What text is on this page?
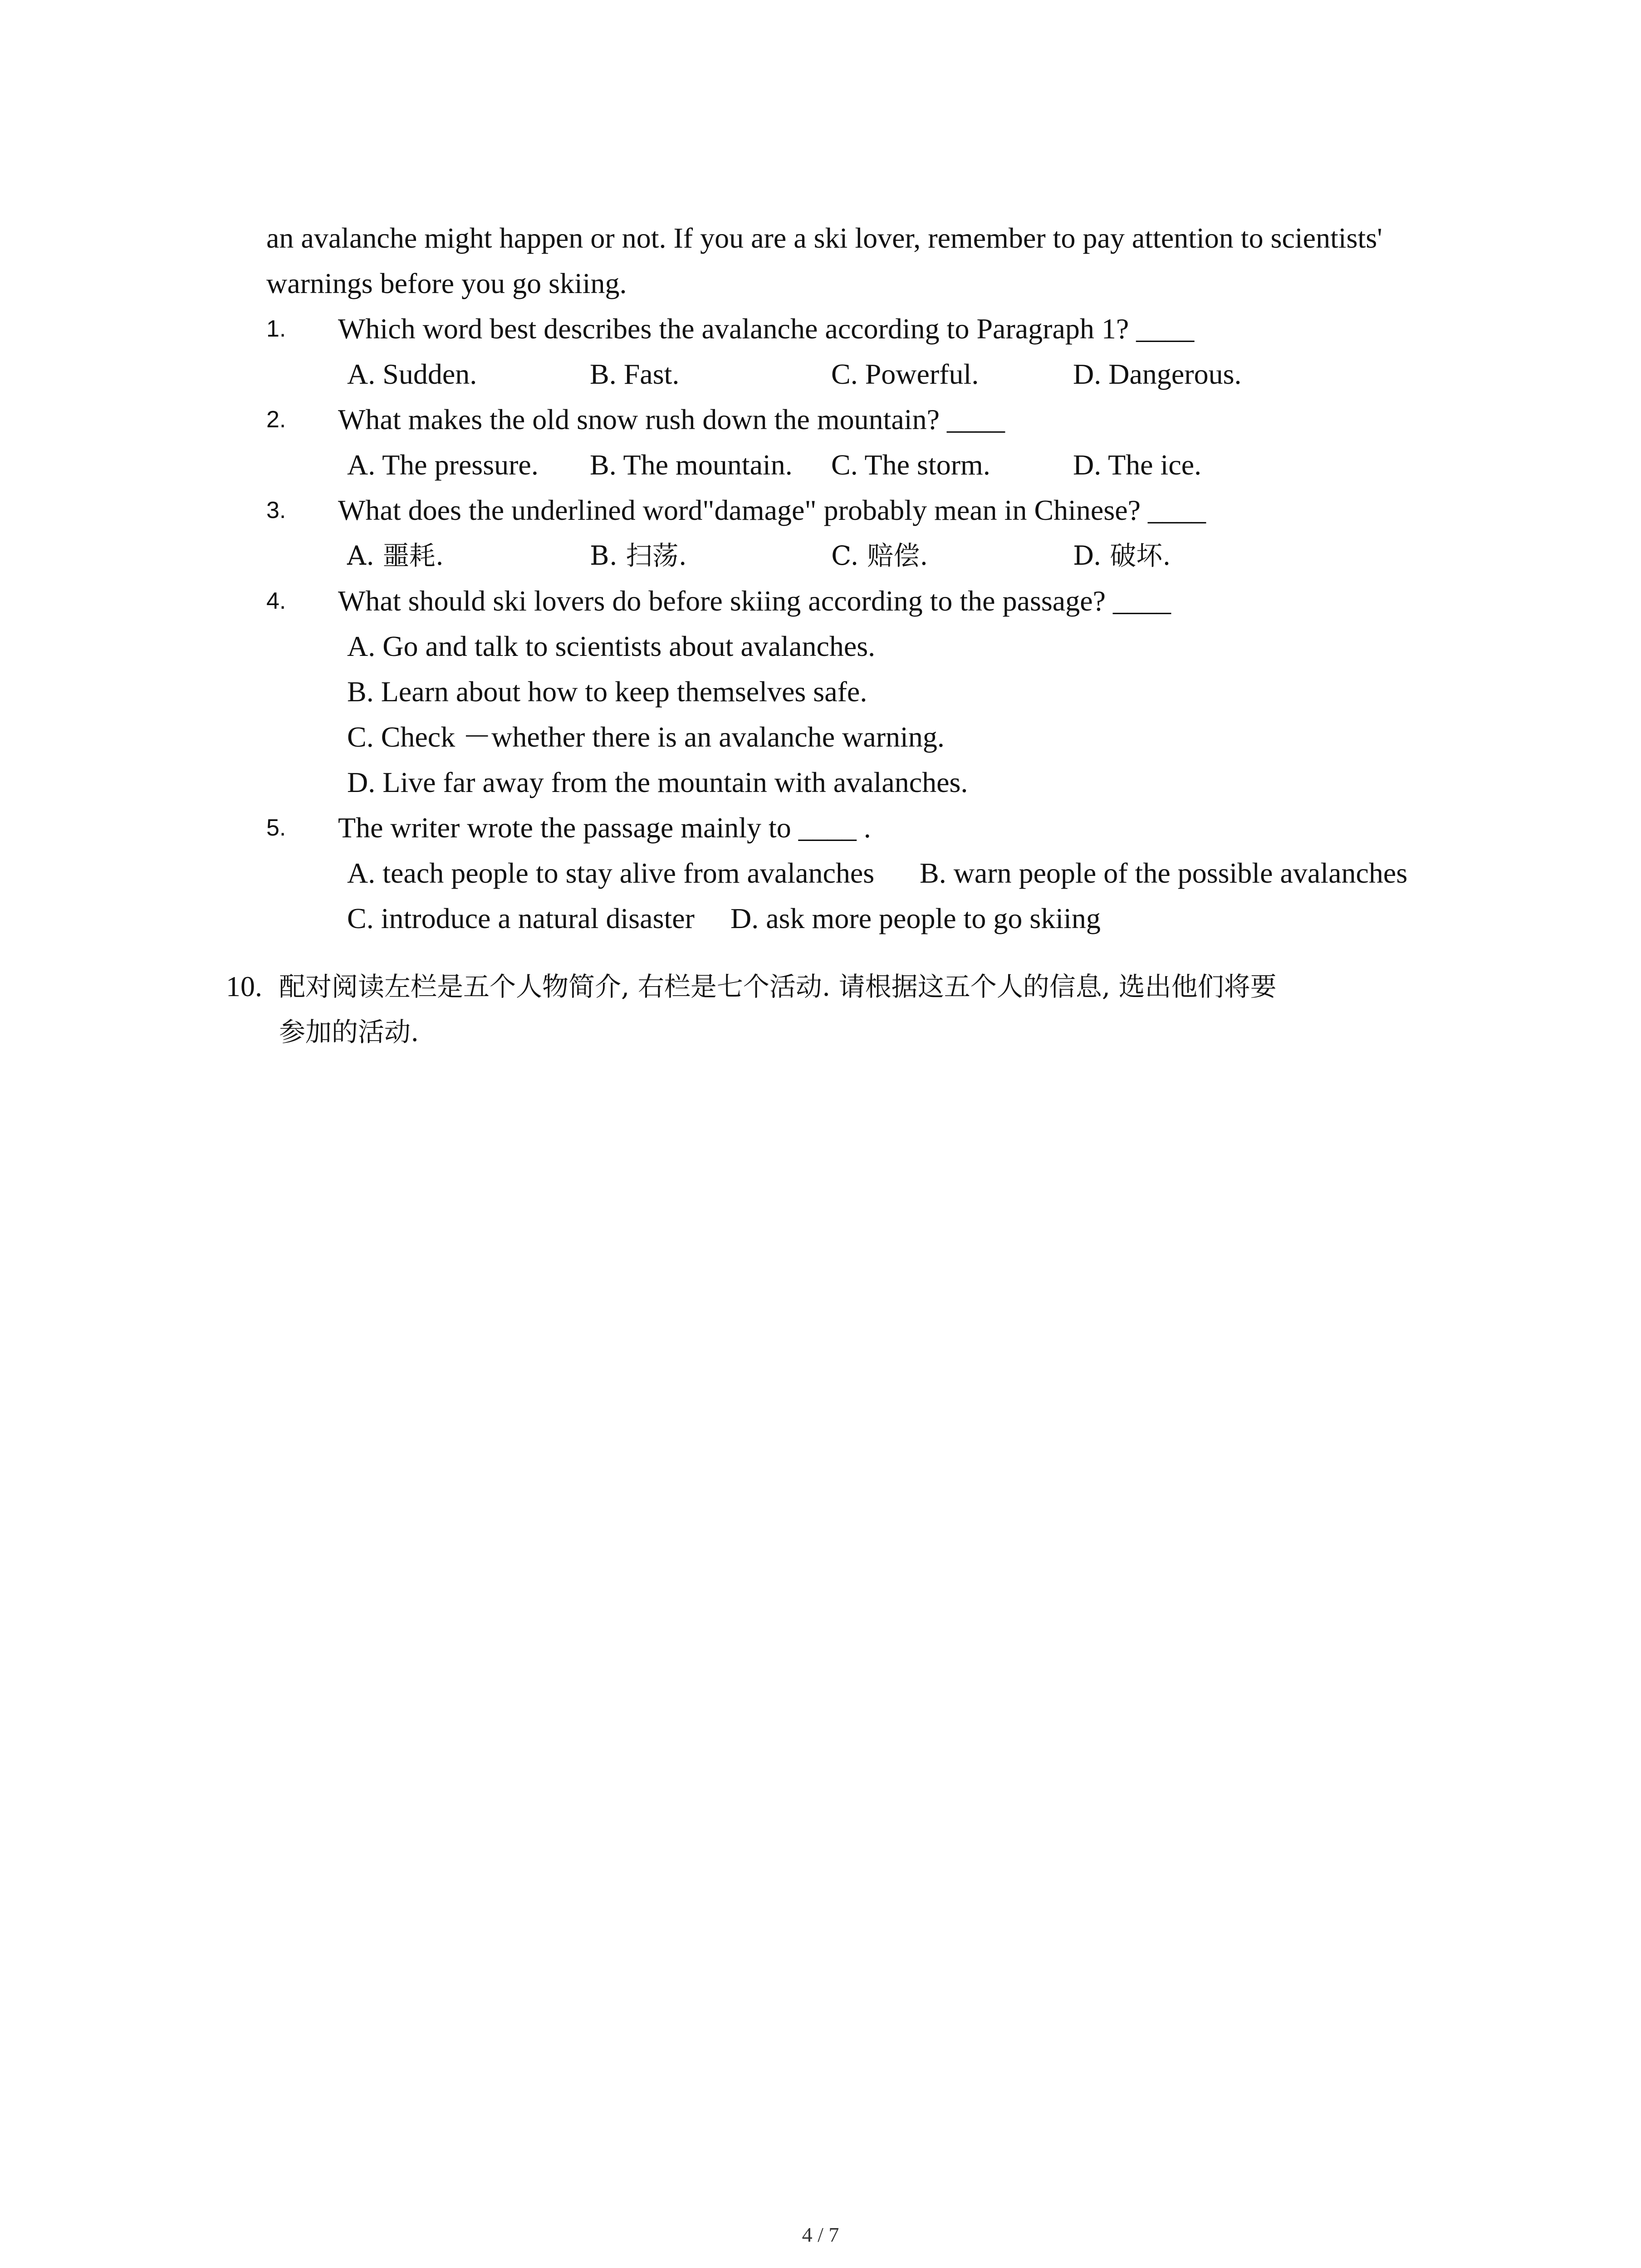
an avalanche might happen or not. If you are a ski lover, remember to pay attention to scientists'
warnings before you go skiing.
1. Which word best describes the avalanche according to Paragraph 1? ____
A. Sudden.	B. Fast.	C. Powerful.	D. Dangerous.
2. What makes the old snow rush down the mountain? ____
A. The pressure. B. The mountain. C. The storm.	D. The ice.
3. What does the underlined word"damage" probably mean in Chinese? ____
A. 噩耗.	B. 扫荡.	C. 赔偿.	D. 破坏.
4. What should ski lovers do before skiing according to the passage? ____
A. Go and talk to scientists about avalanches.
B. Learn about how to keep themselves safe.
C. Check －whether there is an avalanche warning.
D. Live far away from the mountain with avalanches.
5. The writer wrote the passage mainly to ____ .
A. teach people to stay alive from avalanches B. warn people of the possible avalanches
C. introduce a natural disaster D. ask more people to go skiing
10. 配对阅读左栏是五个人物简介, 右栏是七个活动. 请根据这五个人的信息, 选出他们将要
参加的活动.
4 / 7
